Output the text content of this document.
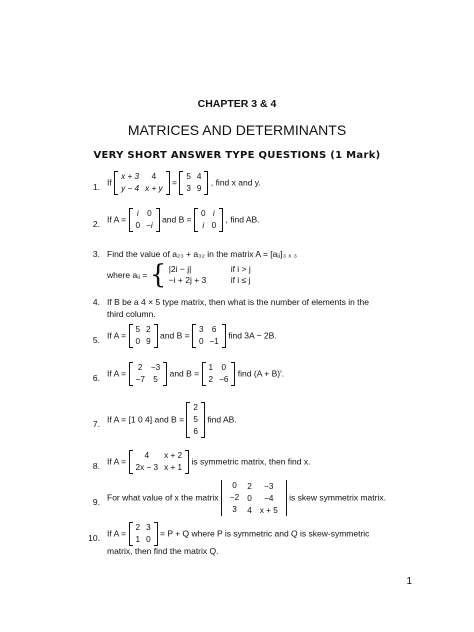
CHAPTER 3 & 4
MATRICES AND DETERMINANTS
VERY SHORT ANSWER TYPE QUESTIONS (1 Mark)
1. If
x + 3	4
y − 4	x + y
=
5	4
3	9
, find x and y.
2. If A =
i	0
0	−i
and B =
0	i
i	0
, find AB.
3. Find the value of a₂₃ + a₃₂ in the matrix A = [aᵢⱼ]₃ ₓ ₃
where aᵢⱼ = { |2i − j|	if i > j
−i + 2j + 3	if i ≤ j
4. If B be a 4 × 5 type matrix, then what is the number of elements in the
third column.
5. If A =
5	2
0	9
and B =
3	6
0	−1
find 3A − 2B.
6. If A =
2	−3
−7	5
and B =
1	0
2	−6
find (A + B)′.
7. If A = [1 0 4] and B =
2
5
6
find AB.
8. If A =
4	x + 2
2x − 3	x + 1
is symmetric matrix, then find x.
9. For what value of x the matrix
0	2	−3
−2	0	−4
3	4	x + 5
is skew symmetrix matrix.
10. If A =
2	3
1	0
= P + Q where P is symmetric and Q is skew-symmetric
matrix, then find the matrix Q.
1
